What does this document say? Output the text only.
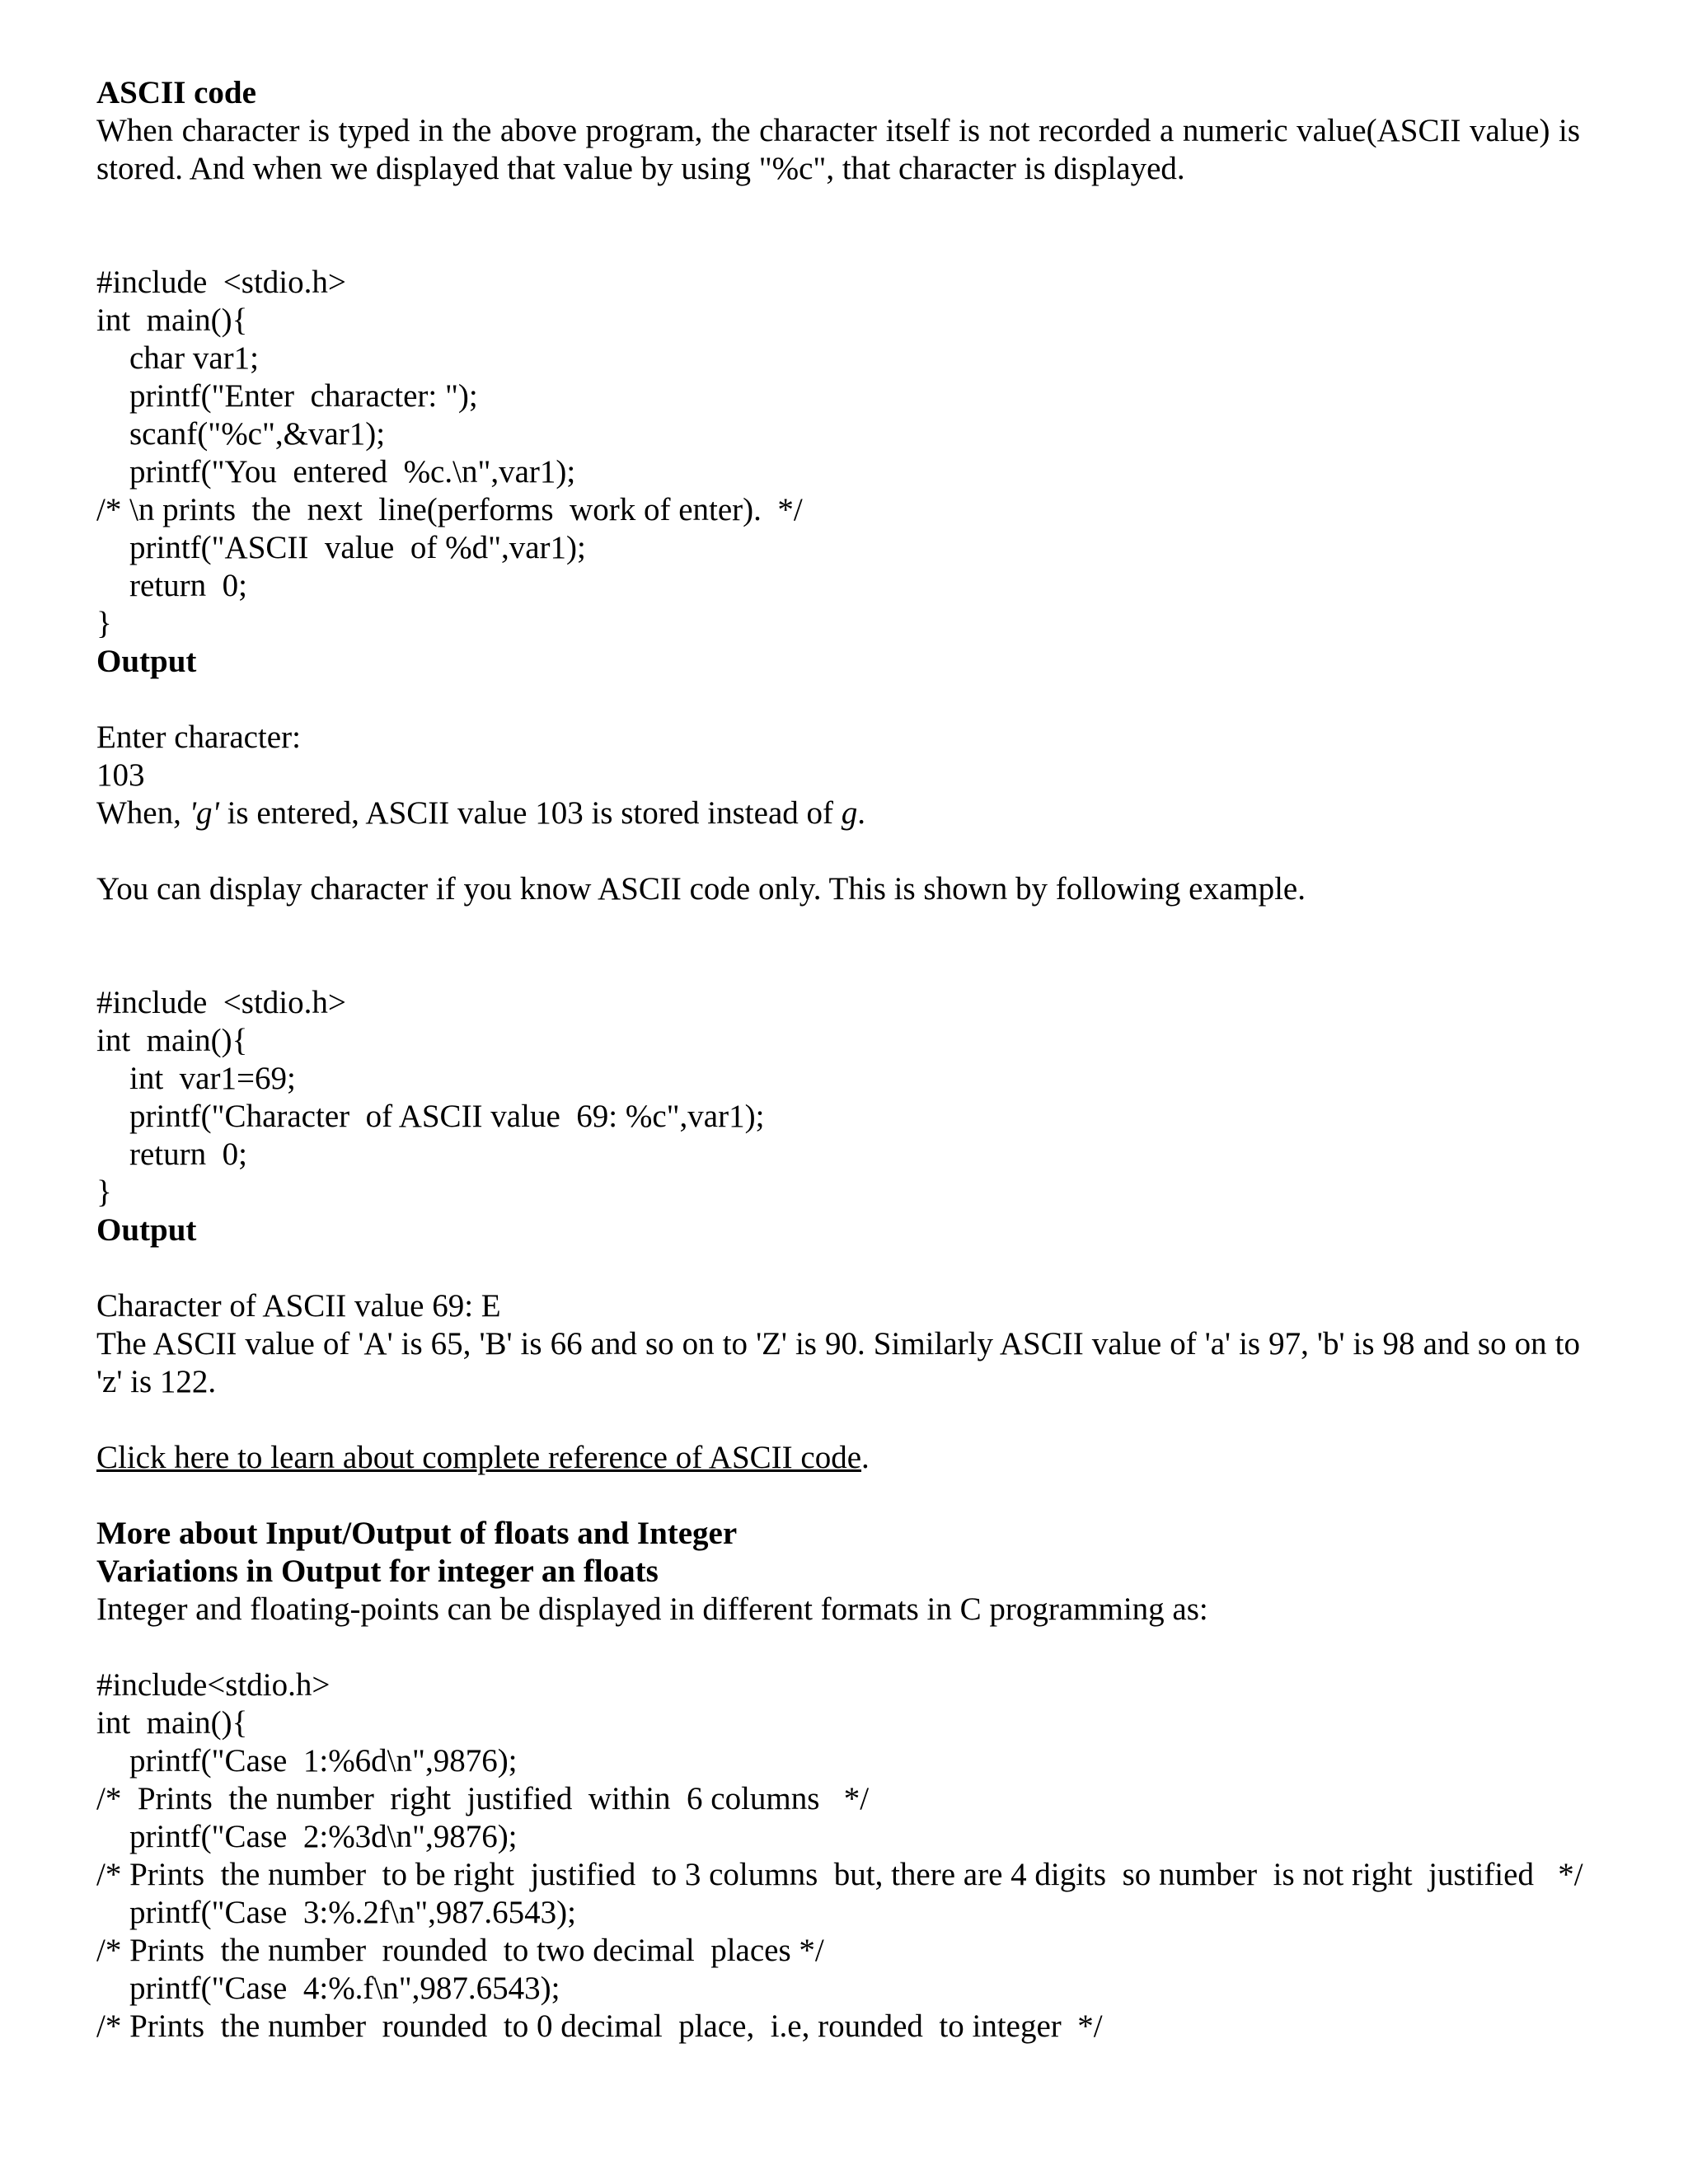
ASCII code

When character is typed in the above program, the character itself is not recorded a numeric value(ASCII value) is stored. And when we displayed that value by using "%c", that character is displayed.

#include  <stdio.h>
int  main(){
char var1;
printf("Enter  character: ");
scanf("%c",&var1);
printf("You  entered  %c.\n",var1);
/* \n prints  the  next  line(performs  work of enter).  */
printf("ASCII  value  of %d",var1);
return  0;
}

Output

Enter character:

103

When, 'g' is entered, ASCII value 103 is stored instead of g.

You can display character if you know ASCII code only. This is shown by following example.

#include  <stdio.h>
int  main(){
int  var1=69;
printf("Character  of ASCII value  69: %c",var1);
return  0;
}

Output

Character of ASCII value 69: E

The ASCII value of 'A' is 65, 'B' is 66 and so on to 'Z' is 90. Similarly ASCII value of 'a' is 97, 'b' is 98 and so on to 'z' is 122.

Click here to learn about complete reference of ASCII code.

More about Input/Output of floats and Integer

Variations in Output for integer an floats

Integer and floating-points can be displayed in different formats in C programming as:

#include<stdio.h>
int  main(){
printf("Case  1:%6d\n",9876);
/*  Prints  the number  right  justified  within  6 columns   */
printf("Case  2:%3d\n",9876);
/* Prints  the number  to be right  justified  to 3 columns  but, there are 4 digits  so number  is not right  justified   */
printf("Case  3:%.2f\n",987.6543);
/* Prints  the number  rounded  to two decimal  places */
printf("Case  4:%.f\n",987.6543);
/* Prints  the number  rounded  to 0 decimal  place,  i.e, rounded  to integer  */
